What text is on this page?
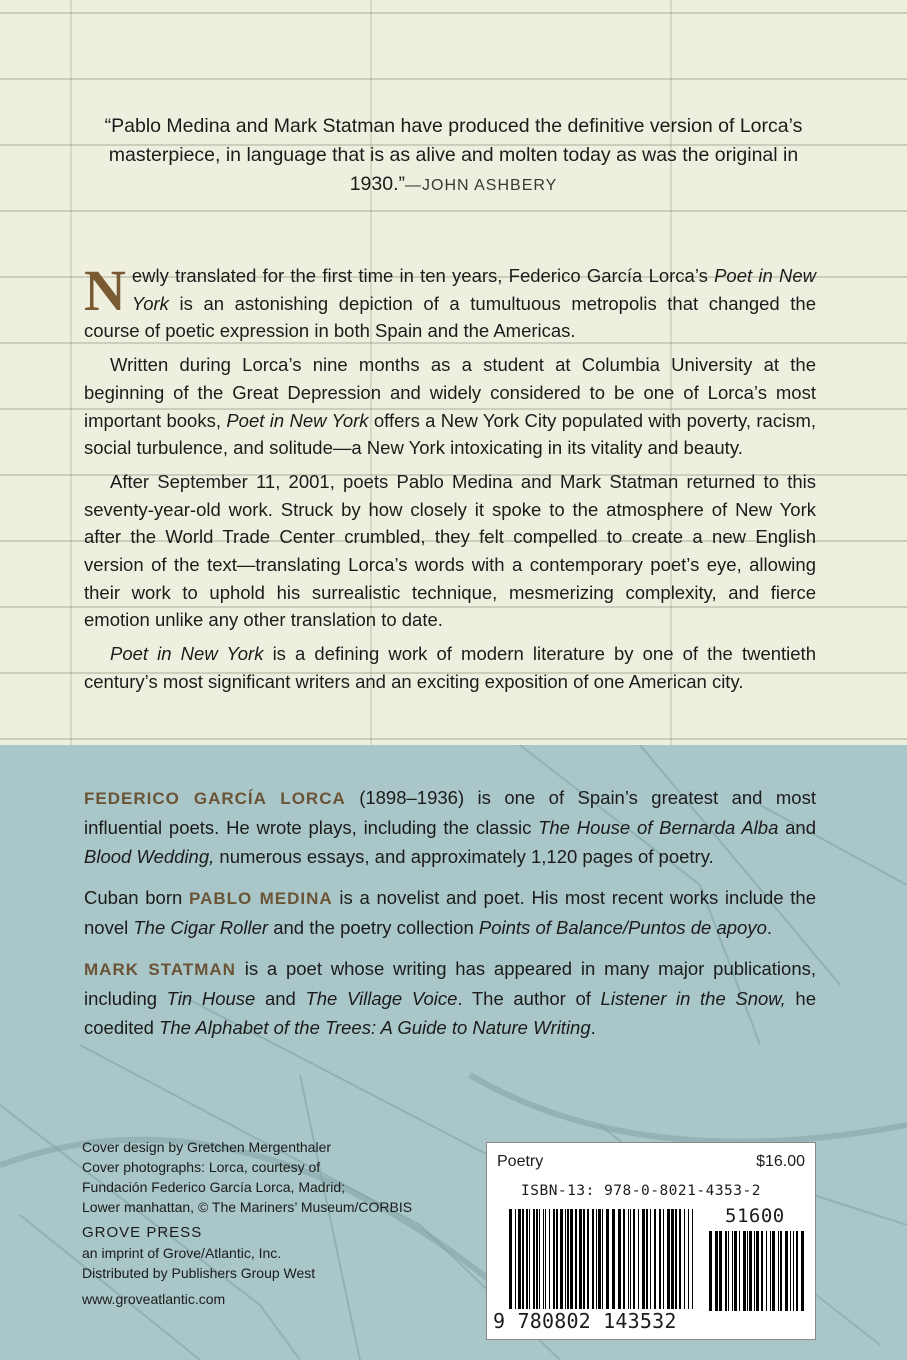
“Pablo Medina and Mark Statman have produced the definitive version of Lorca’s masterpiece, in language that is as alive and molten today as was the original in 1930.”—JOHN ASHBERY

Newly translated for the first time in ten years, Federico García Lorca’s Poet in New York is an astonishing depiction of a tumultuous metropolis that changed the course of poetic expression in both Spain and the Americas.

Written during Lorca’s nine months as a student at Columbia University at the beginning of the Great Depression and widely considered to be one of Lorca’s most important books, Poet in New York offers a New York City populated with poverty, racism, social turbulence, and solitude—a New York intoxicating in its vitality and beauty.

After September 11, 2001, poets Pablo Medina and Mark Statman returned to this seventy-year-old work. Struck by how closely it spoke to the atmosphere of New York after the World Trade Center crumbled, they felt compelled to create a new English version of the text—translating Lorca’s words with a contemporary poet’s eye, allowing their work to uphold his surrealistic technique, mesmerizing complexity, and fierce emotion unlike any other translation to date.

Poet in New York is a defining work of modern literature by one of the twentieth century’s most significant writers and an exciting exposition of one American city.

FEDERICO GARCÍA LORCA (1898–1936) is one of Spain’s greatest and most influential poets. He wrote plays, including the classic The House of Bernarda Alba and Blood Wedding, numerous essays, and approximately 1,120 pages of poetry.

Cuban born PABLO MEDINA is a novelist and poet. His most recent works include the novel The Cigar Roller and the poetry collection Points of Balance/Puntos de apoyo.

MARK STATMAN is a poet whose writing has appeared in many major publications, including Tin House and The Village Voice. The author of Listener in the Snow, he coedited The Alphabet of the Trees: A Guide to Nature Writing.

Cover design by Gretchen Mergenthaler
Cover photographs: Lorca, courtesy of
Fundación Federico García Lorca, Madrid;
Lower manhattan, © The Mariners’ Museum/CORBIS
GROVE PRESS
an imprint of Grove/Atlantic, Inc.
Distributed by Publishers Group West
www.groveatlantic.com
Poetry	$16.00
ISBN-13: 978-0-8021-4353-2
51600
9 780802 143532
